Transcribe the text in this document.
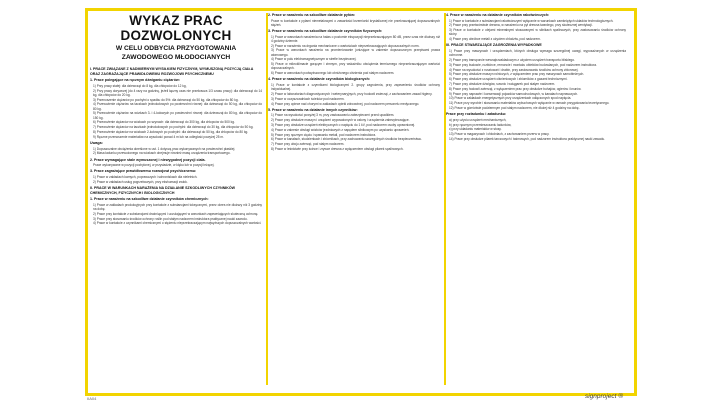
WYKAZ PRAC DOZWOLONYCH
W CELU ODBYCIA PRZYGOTOWANIA ZAWODOWEGO MŁODOCIANYCH
I. PRACE ZWIĄZANE Z NADMIERNYM WYSIŁKIEM FIZYCZNYM, WYMUSZONĄ POZYCJĄ CIAŁA ORAZ ZAGRAŻAJĄCE PRAWIDŁOWEMU ROZWOJOWI PSYCHICZNEMU
1. Prace polegające na ręcznym dźwiganiu ciężarów:
1) Przy pracy stałej: dla dziewcząt do 8 kg, dla chłopców do 12 kg,
2) Przy pracy dorywczej (do 4 razy na godzinę, jeżeli łączny czas nie przekracza 1/3 czasu pracy): dla dziewcząt do 14 kg, dla chłopców do 20 kg.
3) Przenoszenie ciężarów po pochylni o spadku do 5%: dla dziewcząt do 50 kg, dla chłopców do 80 kg.
4) Przewożenie ciężarów na taczkach jednokołowych po powierzchni równej: dla dziewcząt do 50 kg, dla chłopców do 80 kg.
5) Przewożenie ciężarów na wózkach 3- i 4-kołowych po powierzchni równej: dla dziewcząt do 80 kg, dla chłopców do 150 kg.
6) Przewożenie ciężarów na wózkach po szynach: dla dziewcząt do 300 kg, dla chłopców do 500 kg.
7) Przewożenie ciężarów na taczkach jednokołowych po pochylni: dla dziewcząt do 30 kg, dla chłopców do 50 kg.
8) Przewożenie ciężarów na wózkach 2-kołowych po pochylni: dla dziewcząt do 50 kg, dla chłopców do 80 kg.
9) Ręczne przenoszenie materiałów na wysokość ponad 4 m lub na odległość powyżej 25 m.
Uwaga:
1) Dopuszczalne obciążenia określone w ust. 1 dotyczą prac wykonywanych na powierzchni płaskiej.
2) Masa ładunku przewożonego na wózkach obejmuje również masę urządzenia transportowego.
2. Prace wymagające stale wymuszonej i niewygodnej pozycji ciała.
Prace wykonywane w pozycji pochylonej, w przysiadzie, w klęku lub w pozycji leżącej.
3. Prace zagrażające prawidłowemu rozwojowi psychicznemu:
1) Prace w zakładach karnych, poprawczych i schroniskach dla nieletnich.
2) Prace w zakładach usług pogrzebowych, przy ekshumacji zwłok.
II. PRACE W WARUNKACH NARAŻENIA NA DZIAŁANIE SZKODLIWYCH CZYNNIKÓW CHEMICZNYCH, FIZYCZNYCH I BIOLOGICZNYCH
1. Prace w narażeniu na szkodliwe działanie czynników chemicznych:
1) Prace w zakładach produkcyjnych przy kontakcie z substancjami toksycznymi, przez okres nie dłuższy niż 3 godziny na dobę.
2) Prace przy kontakcie z substancjami drażniącymi i uczulającymi w warunkach zapewniających skuteczną ochronę.
3) Prace przy stosowaniu środków ochrony roślin pod stałym nadzorem instruktora praktycznej nauki zawodu.
4) Prace w kontakcie z czynnikami chemicznymi o stężeniu nieprzekraczającym najwyższych dopuszczalnych wartości.
2. Prace w narażeniu na szkodliwe działanie pyłów:
Prace w kontakcie z pyłami niemetalowymi o zawartości krzemionki krystalicznej nie przekraczającej dopuszczalnych stężeń.
3. Prace w narażeniu na szkodliwe działanie czynników fizycznych:
1) Prace w warunkach narażenia na hałas o poziomie ekspozycji nieprzekraczającym 80 dB, przez czas nie dłuższy niż 4 godziny dziennie.
2) Prace w narażeniu na drgania mechaniczne o wartościach nieprzekraczających dopuszczalnych norm.
3) Prace w warunkach narażenia na promieniowanie jonizujące w zakresie dopuszczonym przepisami prawa atomowego.
4) Prace w polu elektromagnetycznym w strefie bezpiecznej.
5) Prace w mikroklimacie gorącym i zimnym, przy wskaźniku obciążenia termicznego nieprzekraczającym wartości dopuszczalnych.
6) Prace w warunkach podwyższonego lub obniżonego ciśnienia pod stałym nadzorem.
4. Prace w narażeniu na działanie czynników biologicznych:
1) Prace w kontakcie z czynnikami biologicznymi 2. grupy zagrożenia, przy zapewnieniu środków ochrony indywidualnej.
2) Prace w laboratoriach diagnostycznych i weterynaryjnych, przy hodowli zwierząt, z zachowaniem zasad higieny.
3) Prace w oczyszczalniach ścieków pod nadzorem.
4) Prace przy opiece nad chorymi w zakładach opieki zdrowotnej, pod nadzorem personelu medycznego.
5. Prace w narażeniu na działanie innych czynników:
1) Prace na wysokości powyżej 3 m, przy zastosowaniu zabezpieczeń przed upadkiem.
2) Prace przy obsłudze maszyn i urządzeń wyposażonych w osłony i urządzenia zabezpieczające.
3) Prace przy obsłudze urządzeń elektrycznych o napięciu do 1 kV, pod nadzorem osoby uprawnionej.
4) Prace w zakresie obsługi wózków jezdniowych z napędem silnikowym po uzyskaniu uprawnień.
5) Prace przy ręcznym cięciu i spawaniu metali, pod nadzorem instruktora.
6) Prace w kanałach, studzienkach i zbiornikach, przy zachowaniu szczególnych środków bezpieczeństwa.
7) Prace przy uboju zwierząt, pod stałym nadzorem.
8) Prace w leśnictwie przy ścince i zrywce drewna z wyłączeniem obsługi pilarek spalinowych.
4. Prace w narażeniu na działanie czynników rakotwórczych:
1) Prace w kontakcie z substancjami rakotwórczymi wyłącznie w warunkach zamkniętych układów technologicznych.
2) Prace przy przetwórstwie drewna, w narażeniu na pył drewna twardego, przy skutecznej wentylacji.
3) Prace w kontakcie z olejami mineralnymi stosowanymi w silnikach spalinowych, przy zastosowaniu środków ochrony skóry.
4) Prace przy obróbce metali z użyciem chłodziw, pod nadzorem.
III. PRACE STWARZAJĄCE ZAGROŻENIA WYPADKOWE
1) Prace przy maszynach i urządzeniach, których obsługa wymaga szczególnej uwagi, wyposażonych w urządzenia ochronne.
2) Prace przy transporcie wewnątrzzakładowym z użyciem urządzeń transportu bliskiego.
3) Prace przy budowie, rozbiórce, remoncie i montażu obiektów budowlanych, pod nadzorem instruktora.
4) Prace na wysokości z rusztowań i drabin, przy zastosowaniu środków ochrony zbiorowej.
5) Prace przy obsłudze maszyn rolniczych, z wyłączeniem prac przy maszynach samobieżnych.
6) Prace przy obsłudze urządzeń ciśnieniowych i zbiorników z gazami technicznymi.
7) Prace przy obsłudze dźwigów, suwnic i wciągarek pod stałym nadzorem.
8) Prace przy hodowli zwierząt, z wyłączeniem prac przy obsłudze buhajów, ogierów i knurów.
9) Prace przy naprawie i konserwacji pojazdów samochodowych, w kanałach naprawczych.
10) Prace w zakładach energetycznych przy urządzeniach odłączonych spod napięcia.
11) Prace przy wyrobie i stosowaniu materiałów wybuchowych wyłącznie w ramach przygotowania teoretycznego.
12) Prace w górnictwie podziemnym pod stałym nadzorem, nie dłużej niż 4 godziny na dobę.
Prace przy rozładunku i załadunku:
a) przy użyciu urządzeń mechanicznych,
b) przy ręcznym przemieszczaniu ładunków,
c) przy układaniu materiałów w stosy.
13) Prace w magazynach i chłodniach, z zachowaniem przerw w pracy.
14) Prace przy obsłudze pilarek tarczowych i taśmowych, pod nadzorem instruktora praktycznej nauki zawodu.
IIA04	signproject ®
